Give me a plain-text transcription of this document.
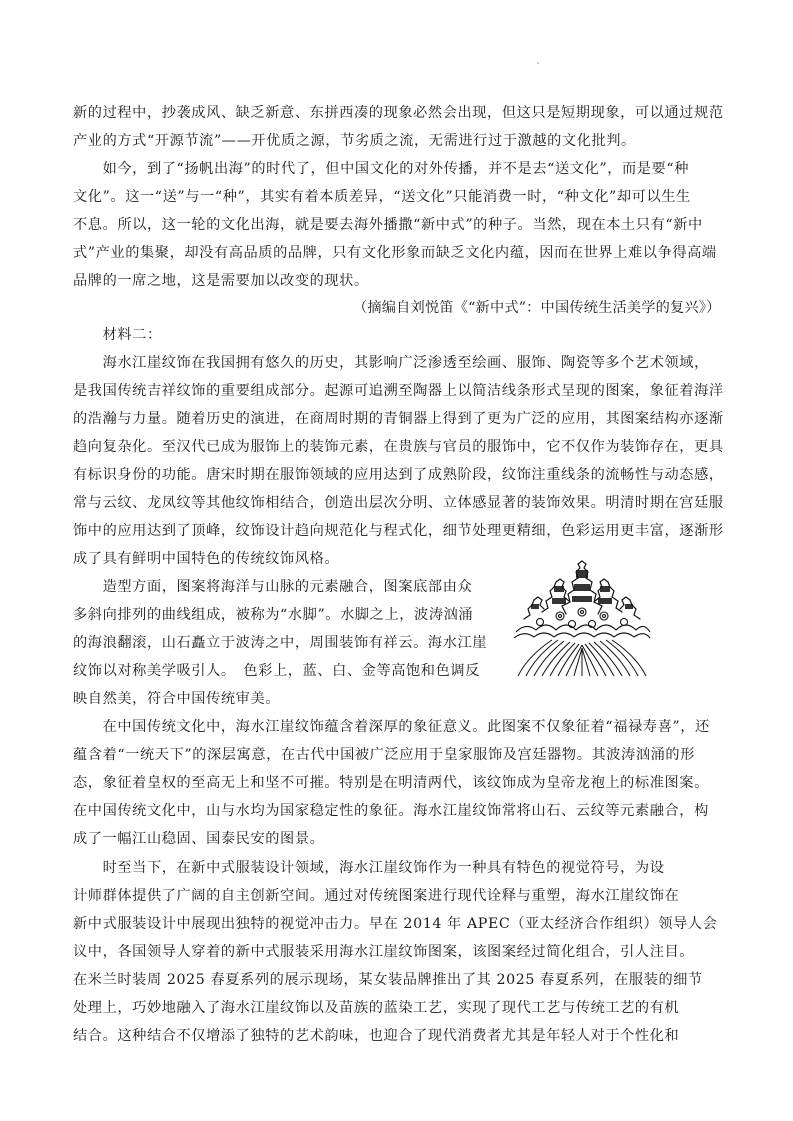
新的过程中，抄袭成风、缺乏新意、东拼西凑的现象必然会出现，但这只是短期现象，可以通过规范
产业的方式“开源节流”——开优质之源，节劣质之流，无需进行过于激越的文化批判。
　　如今，到了“扬帆出海”的时代了，但中国文化的对外传播，并不是去“送文化”，而是要“种
文化”。这一“送”与一“种”，其实有着本质差异，“送文化”只能消费一时，“种文化”却可以生生
不息。所以，这一轮的文化出海，就是要去海外播撒“新中式”的种子。当然，现在本土只有“新中
式”产业的集聚，却没有高品质的品牌，只有文化形象而缺乏文化内蕴，因而在世界上难以争得高端
品牌的一席之地，这是需要加以改变的现状。
（摘编自刘悦笛《“新中式”：中国传统生活美学的复兴》）
　　材料二：
　　海水江崖纹饰在我国拥有悠久的历史，其影响广泛渗透至绘画、服饰、陶瓷等多个艺术领域，
是我国传统吉祥纹饰的重要组成部分。起源可追溯至陶器上以简洁线条形式呈现的图案，象征着海洋
的浩瀚与力量。随着历史的演进，在商周时期的青铜器上得到了更为广泛的应用，其图案结构亦逐渐
趋向复杂化。至汉代已成为服饰上的装饰元素，在贵族与官员的服饰中，它不仅作为装饰存在，更具
有标识身份的功能。唐宋时期在服饰领域的应用达到了成熟阶段，纹饰注重线条的流畅性与动态感，
常与云纹、龙凤纹等其他纹饰相结合，创造出层次分明、立体感显著的装饰效果。明清时期在宫廷服
饰中的应用达到了顶峰，纹饰设计趋向规范化与程式化，细节处理更精细，色彩运用更丰富，逐渐形
成了具有鲜明中国特色的传统纹饰风格。
　　造型方面，图案将海洋与山脉的元素融合，图案底部由众
多斜向排列的曲线组成，被称为“水脚”。水脚之上，波涛汹涌
的海浪翻滚，山石矗立于波涛之中，周围装饰有祥云。海水江崖
纹饰以对称美学吸引人。　色彩上，蓝、白、金等高饱和色调反
映自然美，符合中国传统审美。
　　在中国传统文化中，海水江崖纹饰蕴含着深厚的象征意义。此图案不仅象征着“福禄寿喜”，还
蕴含着“一统天下”的深层寓意，在古代中国被广泛应用于皇家服饰及宫廷器物。其波涛汹涌的形
态，象征着皇权的至高无上和坚不可摧。特别是在明清两代，该纹饰成为皇帝龙袍上的标准图案。
在中国传统文化中，山与水均为国家稳定性的象征。海水江崖纹饰常将山石、云纹等元素融合，构
成了一幅江山稳固、国泰民安的图景。
　　时至当下，在新中式服装设计领域，海水江崖纹饰作为一种具有特色的视觉符号，为设
计师群体提供了广阔的自主创新空间。通过对传统图案进行现代诠释与重塑，海水江崖纹饰在
新中式服装设计中展现出独特的视觉冲击力。早在 2014 年 APEC（亚太经济合作组织）领导人会
议中，各国领导人穿着的新中式服装采用海水江崖纹饰图案，该图案经过简化组合，引人注目。
在米兰时装周 2025 春夏系列的展示现场，某女装品牌推出了其 2025 春夏系列，在服装的细节
处理上，巧妙地融入了海水江崖纹饰以及苗族的蓝染工艺，实现了现代工艺与传统工艺的有机
结合。这种结合不仅增添了独特的艺术韵味，也迎合了现代消费者尤其是年轻人对于个性化和
